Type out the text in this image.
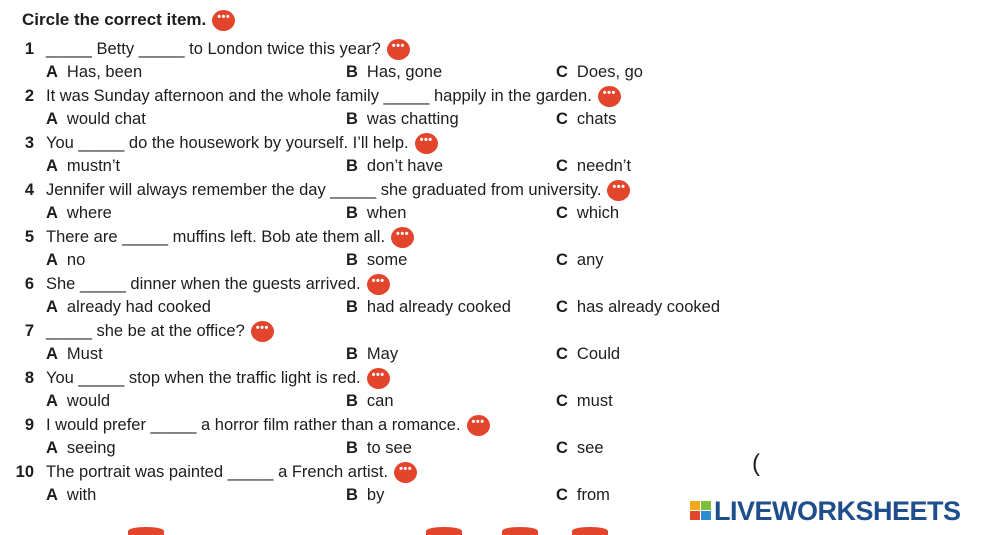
Circle the correct item. •••
1 _____ Betty _____ to London twice this year? •••
A Has, been	B Has, gone	C Does, go
2 It was Sunday afternoon and the whole family _____ happily in the garden. •••
A would chat	B was chatting	C chats
3 You _____ do the housework by yourself. I’ll help. •••
A mustn’t	B don’t have	C needn’t
4 Jennifer will always remember the day _____ she graduated from university. •••
A where	B when	C which
5 There are _____ muffins left. Bob ate them all. •••
A no	B some	C any
6 She _____ dinner when the guests arrived. •••
A already had cooked	B had already cooked	C has already cooked
7 _____ she be at the office? •••
A Must	B May	C Could
8 You _____ stop when the traffic light is red. •••
A would	B can	C must
9 I would prefer _____ a horror film rather than a romance. •••
A seeing	B to see	C see
10 The portrait was painted _____ a French artist. •••
A with	B by	C from
(
LIVEWORKSHEETS
